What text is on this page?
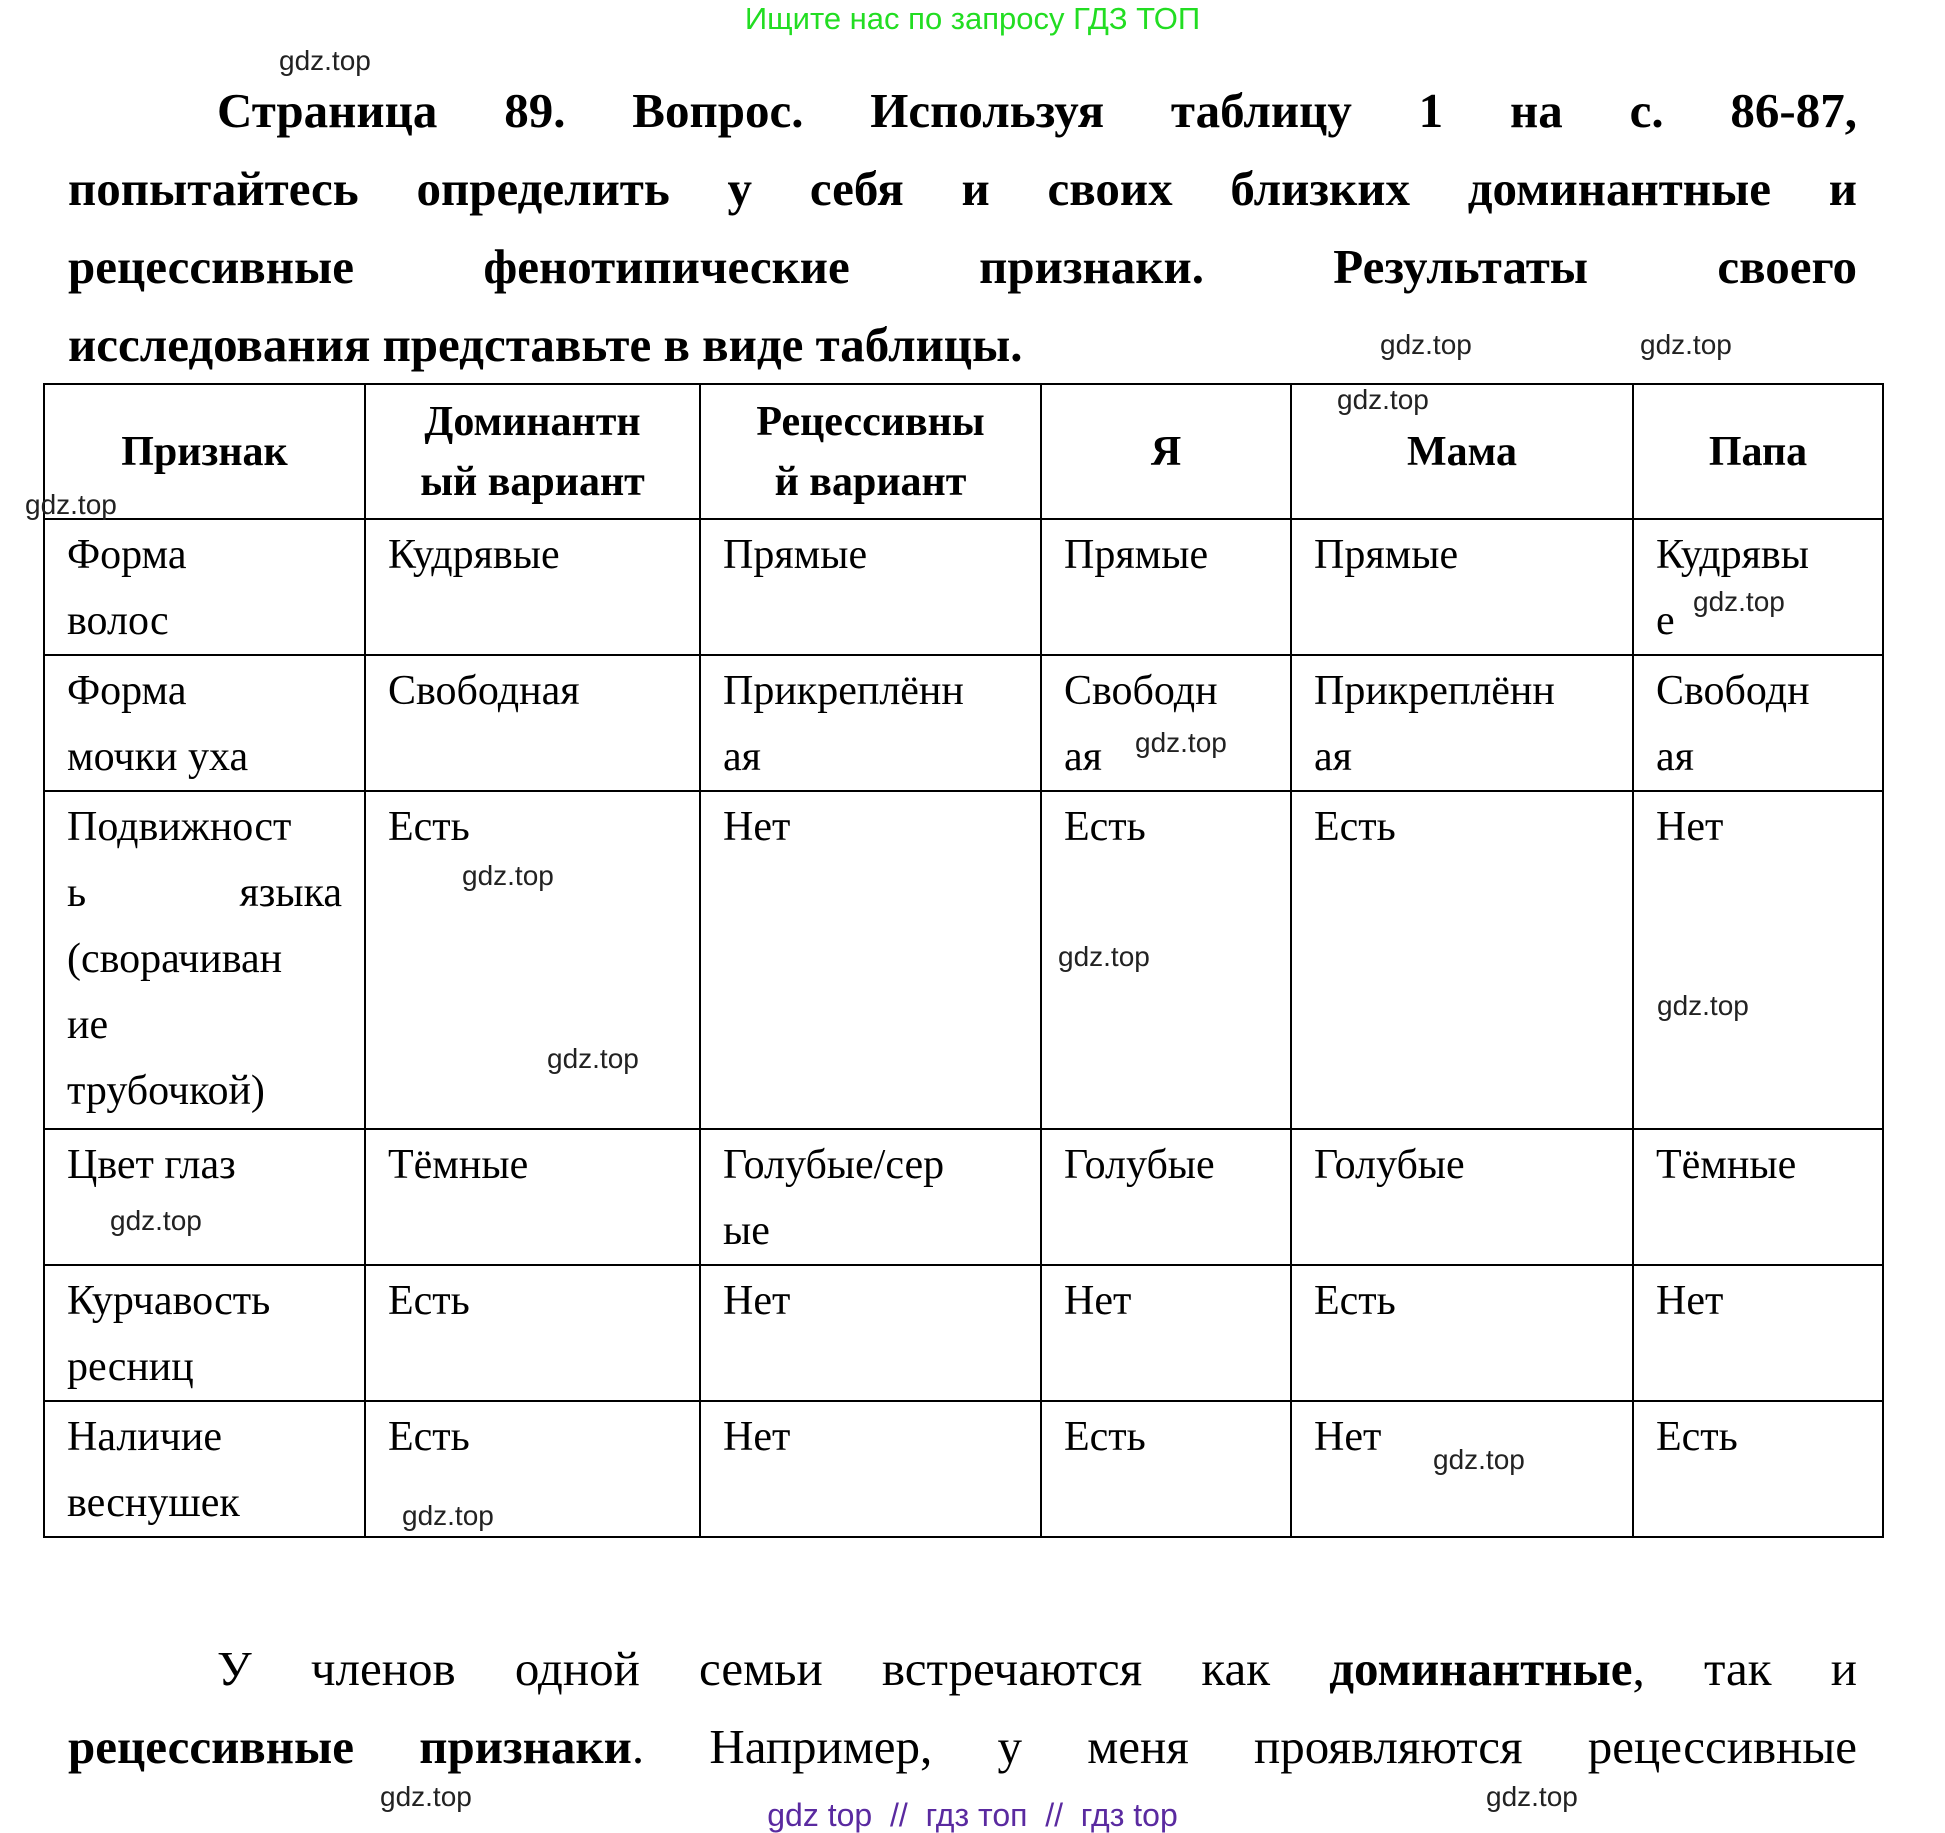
Ищите нас по запросу ГДЗ ТОП
Страница 89. Вопрос. Используя таблицу 1 на с. 86-87,
попытайтесь определить у себя и своих близких доминантные и
рецессивные фенотипические признаки. Результаты своего
исследования представьте в виде таблицы.
Признак	Доминантн
ый вариант	Рецессивны
й вариант	Я	Мама	Папа

Форма
волос	Кудрявые	Прямые	Прямые	Прямые	Кудрявы
е

Форма
мочки уха	Свободная	Прикреплённ
ая	Свободн
ая	Прикреплённ
ая	Свободн
ая

Подвижност
ь языка
(сворачиван
ие
трубочкой)	Есть	Нет	Есть	Есть	Нет

Цвет глаз	Тёмные	Голубые/сер
ые	Голубые	Голубые	Тёмные

Курчавость
ресниц	Есть	Нет	Нет	Есть	Нет

Наличие
веснушек	Есть	Нет	Есть	Нет	Есть
У членов одной семьи встречаются как доминантные, так и
рецессивные признаки. Например, у меня проявляются рецессивные
gdz top  //  гдз топ  //  гдз top
gdz.top
gdz.top	gdz.top
gdz.top
gdz.top
gdz.top
gdz.top
gdz.top
gdz.top
gdz.top
gdz.top
gdz.top
gdz.top
gdz.top
gdz.top
gdz.top
